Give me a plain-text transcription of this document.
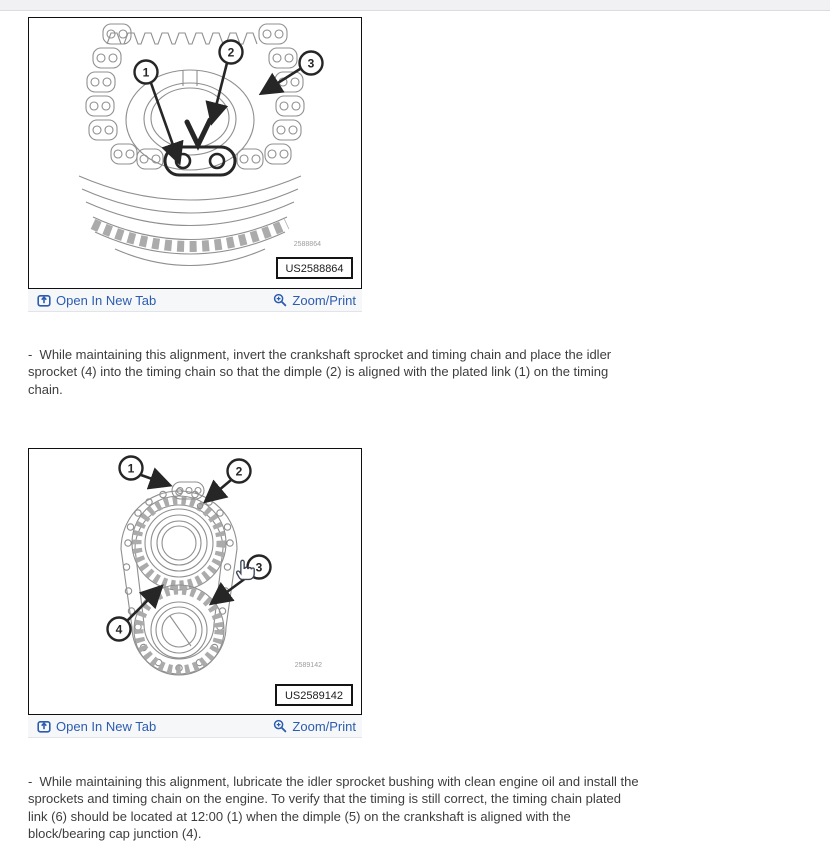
1
2
3
2588864
US2588864
Open In New Tab	Zoom/Print
-  While maintaining this alignment, invert the crankshaft sprocket and timing chain and place the idler sprocket (4) into the timing chain so that the dimple (2) is aligned with the plated link (1) on the timing chain.
1	2
3
4
2589142
US2589142
Open In New Tab	Zoom/Print
-  While maintaining this alignment, lubricate the idler sprocket bushing with clean engine oil and install the sprockets and timing chain on the engine. To verify that the timing is still correct, the timing chain plated link (6) should be located at 12:00 (1) when the dimple (5) on the crankshaft is aligned with the block/bearing cap junction (4).
